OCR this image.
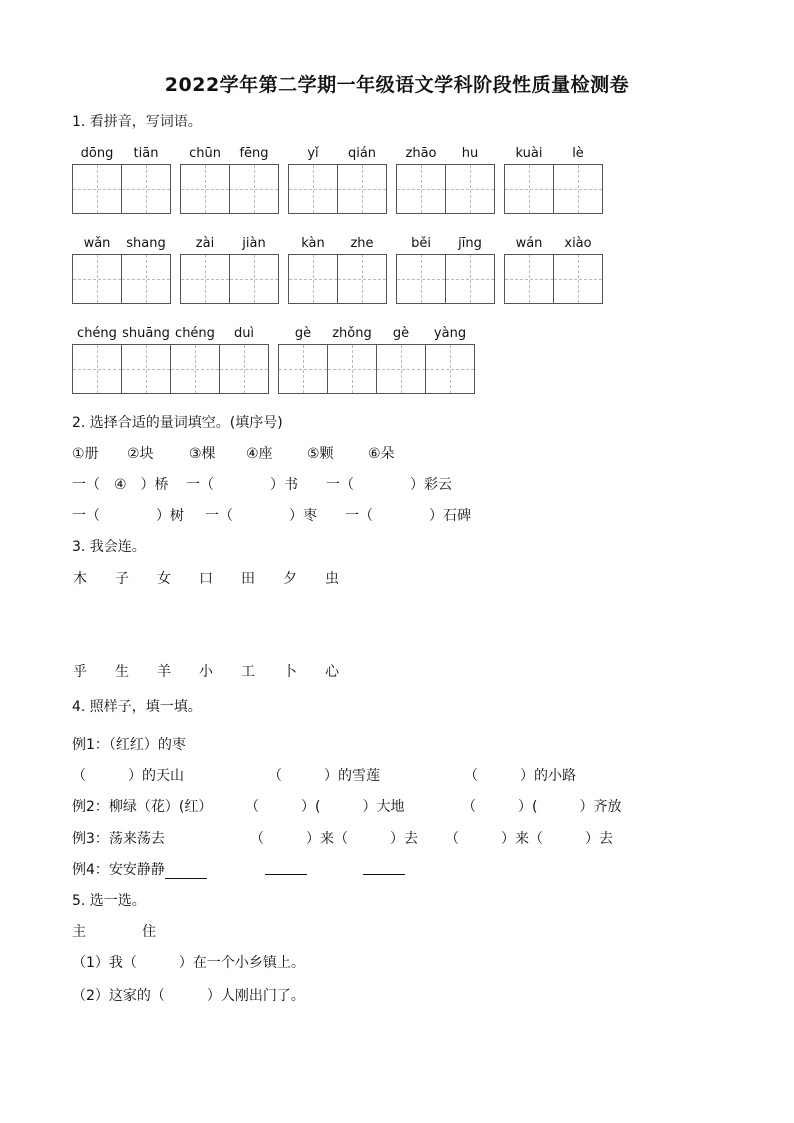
2022学年第二学期一年级语文学科阶段性质量检测卷
1. 看拼音，写词语。
dōng	tiān	chūn	fēng	yǐ	qián	zhāo	hu	kuài	lè
wǎn	shang	zài	jiàn	kàn	zhe	běi	jīng	wán	xiào
chéng shuāng chéng	duì	gè	zhǒng	gè	yàng
2. 选择合适的量词填空。(填序号)
①册 ②块	③棵 ④座 ⑤颗 ⑥朵
一（　④　）桥 一（　　　　）书 一（　　　　）彩云
一（　　　　）树 一（　　　　）枣 一（　　　　）石碑
3. 我会连。
木 子 女 口 田 夕 虫
乎 生 羊 小 工 卜 心
4. 照样子，填一填。
例1：（红红）的枣
（　　　）的天山	（　　　）的雪莲	（　　　）的小路
例2：柳绿（花）(红） （　　　）(　　　）大地	（　　　）(　　　）齐放
例3：荡来荡去	（　　　）来（　　　）去 （　　　）来（　　　）去
例4：安安静静
5. 选一选。
主	住
（1）我（　　　）在一个小乡镇上。
（2）这家的（　　　）人刚出门了。
